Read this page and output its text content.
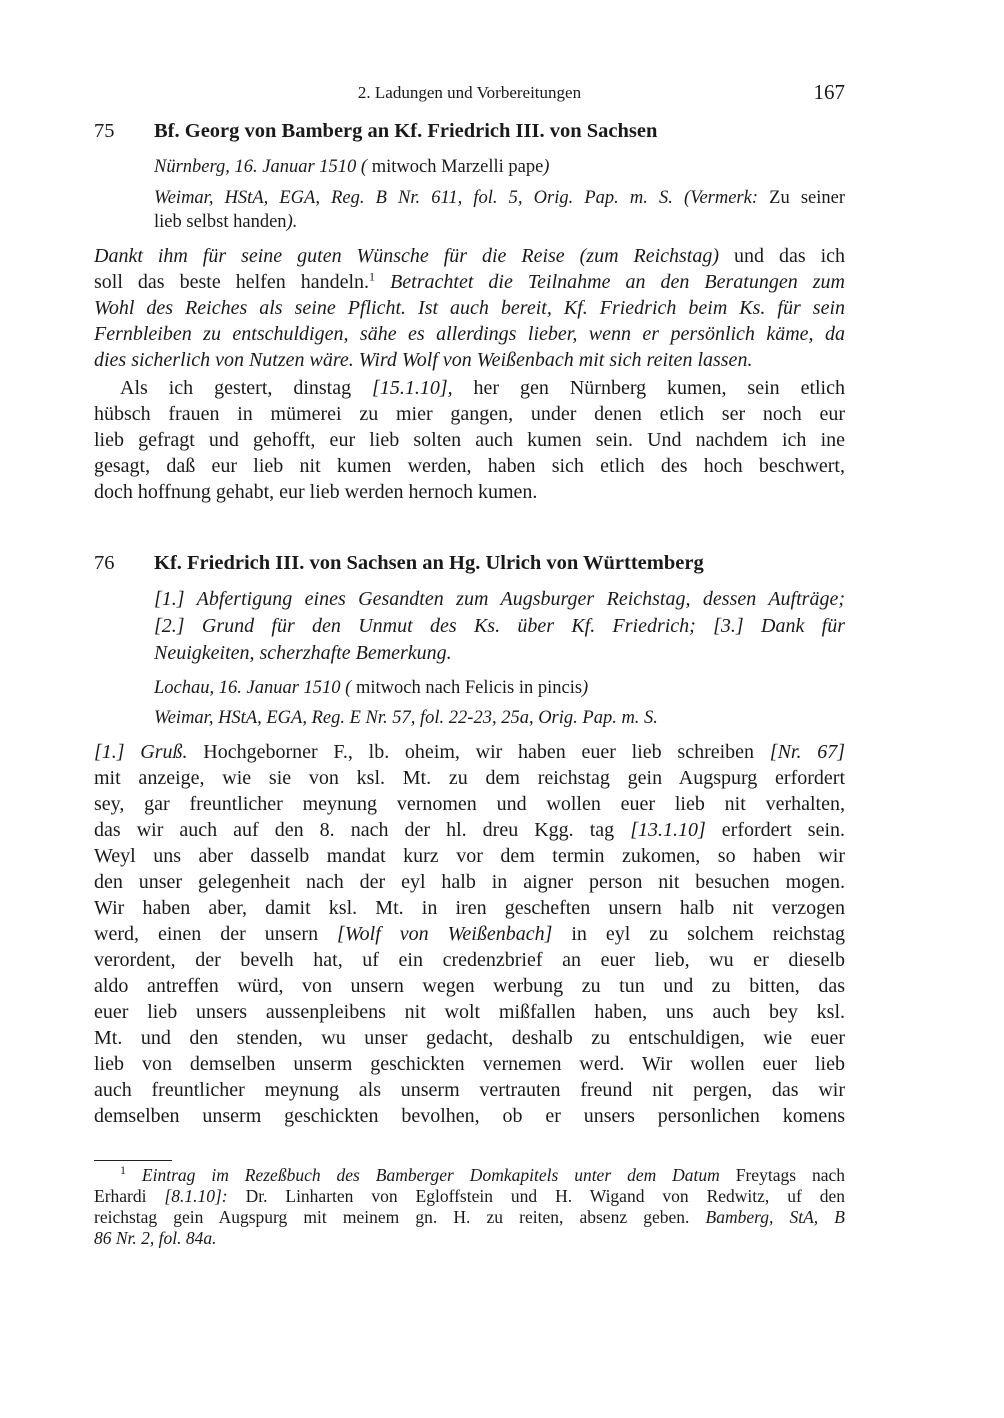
2. Ladungen und Vorbereitungen	167
75 Bf. Georg von Bamberg an Kf. Friedrich III. von Sachsen
Nürnberg, 16. Januar 1510 ( mitwoch Marzelli pape)
Weimar, HStA, EGA, Reg. B Nr. 611, fol. 5, Orig. Pap. m. S. (Vermerk: Zu seiner
lieb selbst handen).
Dankt ihm für seine guten Wünsche für die Reise (zum Reichstag) und das ich
soll das beste helfen handeln.$^1$ Betrachtet die Teilnahme an den Beratungen zum
Wohl des Reiches als seine Pflicht. Ist auch bereit, Kf. Friedrich beim Ks. für sein
Fernbleiben zu entschuldigen, sähe es allerdings lieber, wenn er persönlich käme, da
dies sicherlich von Nutzen wäre. Wird Wolf von Weißenbach mit sich reiten lassen.
Als ich gestert, dinstag [15.1.10], her gen Nürnberg kumen, sein etlich
hübsch frauen in mümerei zu mier gangen, under denen etlich ser noch eur
lieb gefragt und gehofft, eur lieb solten auch kumen sein. Und nachdem ich ine
gesagt, daß eur lieb nit kumen werden, haben sich etlich des hoch beschwert,
doch hoffnung gehabt, eur lieb werden hernoch kumen.
76 Kf. Friedrich III. von Sachsen an Hg. Ulrich von Württemberg
[1.] Abfertigung eines Gesandten zum Augsburger Reichstag, dessen Aufträge;
[2.] Grund für den Unmut des Ks. über Kf. Friedrich; [3.] Dank für
Neuigkeiten, scherzhafte Bemerkung.
Lochau, 16. Januar 1510 ( mitwoch nach Felicis in pincis)
Weimar, HStA, EGA, Reg. E Nr. 57, fol. 22-23, 25a, Orig. Pap. m. S.
[1.] Gruß. Hochgeborner F., lb. oheim, wir haben euer lieb schreiben [Nr. 67]
mit anzeige, wie sie von ksl. Mt. zu dem reichstag gein Augspurg erfordert
sey, gar freuntlicher meynung vernomen und wollen euer lieb nit verhalten,
das wir auch auf den 8. nach der hl. dreu Kgg. tag [13.1.10] erfordert sein.
Weyl uns aber dasselb mandat kurz vor dem termin zukomen, so haben wir
den unser gelegenheit nach der eyl halb in aigner person nit besuchen mogen.
Wir haben aber, damit ksl. Mt. in iren gescheften unsern halb nit verzogen
werd, einen der unsern [Wolf von Weißenbach] in eyl zu solchem reichstag
verordent, der bevelh hat, uf ein credenzbrief an euer lieb, wu er dieselb
aldo antreffen würd, von unsern wegen werbung zu tun und zu bitten, das
euer lieb unsers aussenpleibens nit wolt mißfallen haben, uns auch bey ksl.
Mt. und den stenden, wu unser gedacht, deshalb zu entschuldigen, wie euer
lieb von demselben unserm geschickten vernemen werd. Wir wollen euer lieb
auch freuntlicher meynung als unserm vertrauten freund nit pergen, das wir
demselben unserm geschickten bevolhen, ob er unsers personlichen komens
$^1$ Eintrag im Rezeßbuch des Bamberger Domkapitels unter dem Datum Freytags nach
Erhardi [8.1.10]: Dr. Linharten von Egloffstein und H. Wigand von Redwitz, uf den
reichstag gein Augspurg mit meinem gn. H. zu reiten, absenz geben. Bamberg, StA, B
86 Nr. 2, fol. 84a.
